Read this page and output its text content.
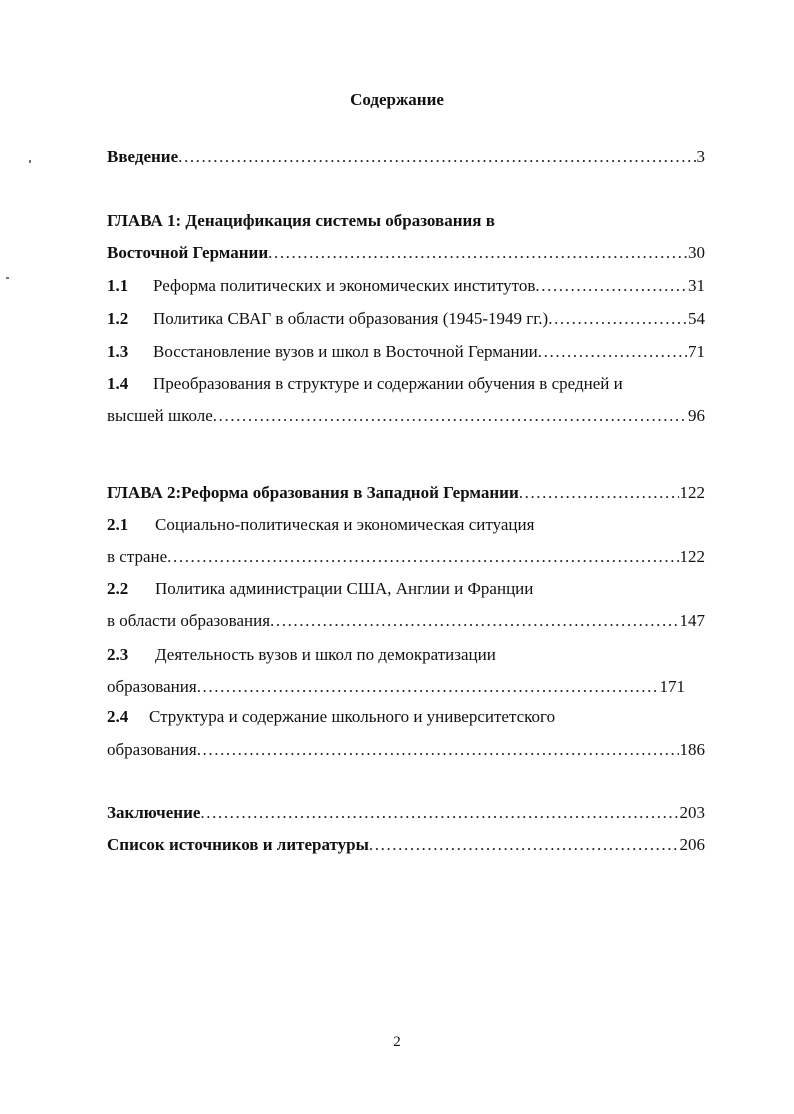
Содержание
Введение .....	3
ГЛАВА 1: Денацификация системы образования в
Восточной Германии .....	30
1.1	Реформа политических и экономических институтов .....	31
1.2	Политика СВАГ в области образования (1945-1949 гг.) .....	54
1.3	Восстановление вузов и школ в Восточной Германии .....	71
1.4	Преобразования в структуре и содержании обучения в средней и
высшей школе .....	96
ГЛАВА 2:Реформа образования в Западной Германии .....	122
2.1	Социально-политическая и экономическая ситуация
в стране .....	122
2.2	Политика администрации США, Англии и Франции
в области образования .....	147
2.3	Деятельность вузов и школ по демократизации
образования .....	171
2.4	Структура и содержание школьного и университетского
образования .....	186
Заключение .....	203
Список источников и литературы .....	206
2
